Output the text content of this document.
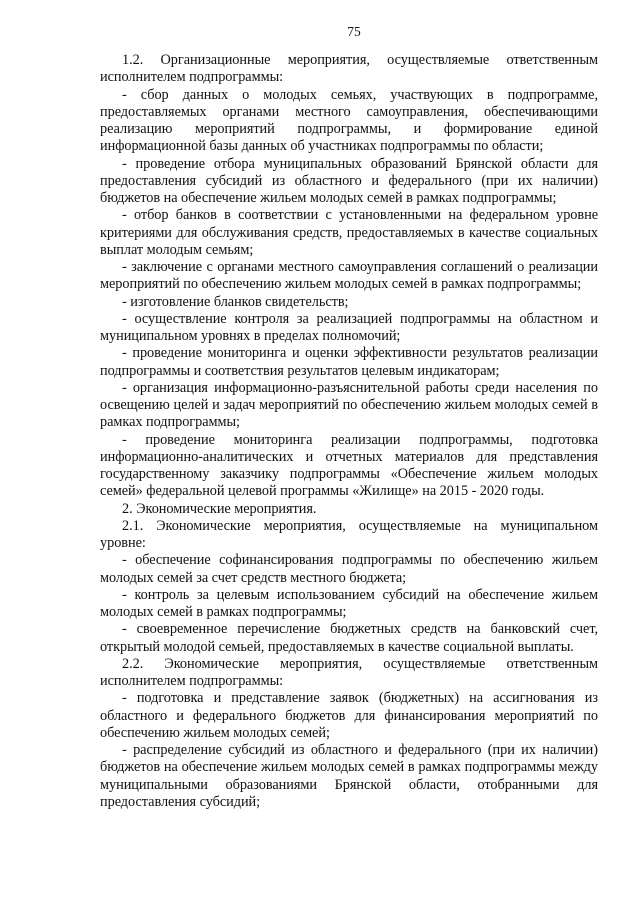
75

1.2. Организационные мероприятия, осуществляемые ответственным исполнителем подпрограммы:

- сбор данных о молодых семьях, участвующих в подпрограмме, предоставляемых органами местного самоуправления, обеспечивающими реализацию мероприятий подпрограммы, и формирование единой информационной базы данных об участниках подпрограммы по области;

- проведение отбора муниципальных образований Брянской области для предоставления субсидий из областного и федерального (при их наличии) бюджетов на обеспечение жильем молодых семей в рамках подпрограммы;

- отбор банков в соответствии с установленными на федеральном уровне критериями для обслуживания средств, предоставляемых в качестве социальных выплат молодым семьям;

- заключение с органами местного самоуправления соглашений о реализации мероприятий по обеспечению жильем молодых семей в рамках подпрограммы;

- изготовление бланков свидетельств;

- осуществление контроля за реализацией подпрограммы на областном и муниципальном уровнях в пределах полномочий;

- проведение мониторинга и оценки эффективности результатов реализации подпрограммы и соответствия результатов целевым индикаторам;

- организация информационно-разъяснительной работы среди населения по освещению целей и задач мероприятий по обеспечению жильем молодых семей в рамках подпрограммы;

- проведение мониторинга реализации подпрограммы, подготовка информационно-аналитических и отчетных материалов для представления государственному заказчику подпрограммы «Обеспечение жильем молодых семей» федеральной целевой программы «Жилище» на 2015 - 2020 годы.

2. Экономические мероприятия.

2.1. Экономические мероприятия, осуществляемые на муниципальном уровне:

- обеспечение софинансирования подпрограммы по обеспечению жильем молодых семей за счет средств местного бюджета;

- контроль за целевым использованием субсидий на обеспечение жильем молодых семей в рамках подпрограммы;

- своевременное перечисление бюджетных средств на банковский счет, открытый молодой семьей, предоставляемых в качестве социальной выплаты.

2.2. Экономические мероприятия, осуществляемые ответственным исполнителем подпрограммы:

- подготовка и представление заявок (бюджетных) на ассигнования из областного и федерального бюджетов для финансирования мероприятий по обеспечению жильем молодых семей;

- распределение субсидий из областного и федерального (при их наличии) бюджетов на обеспечение жильем молодых семей в рамках подпрограммы между муниципальными образованиями Брянской области, отобранными для предоставления субсидий;
